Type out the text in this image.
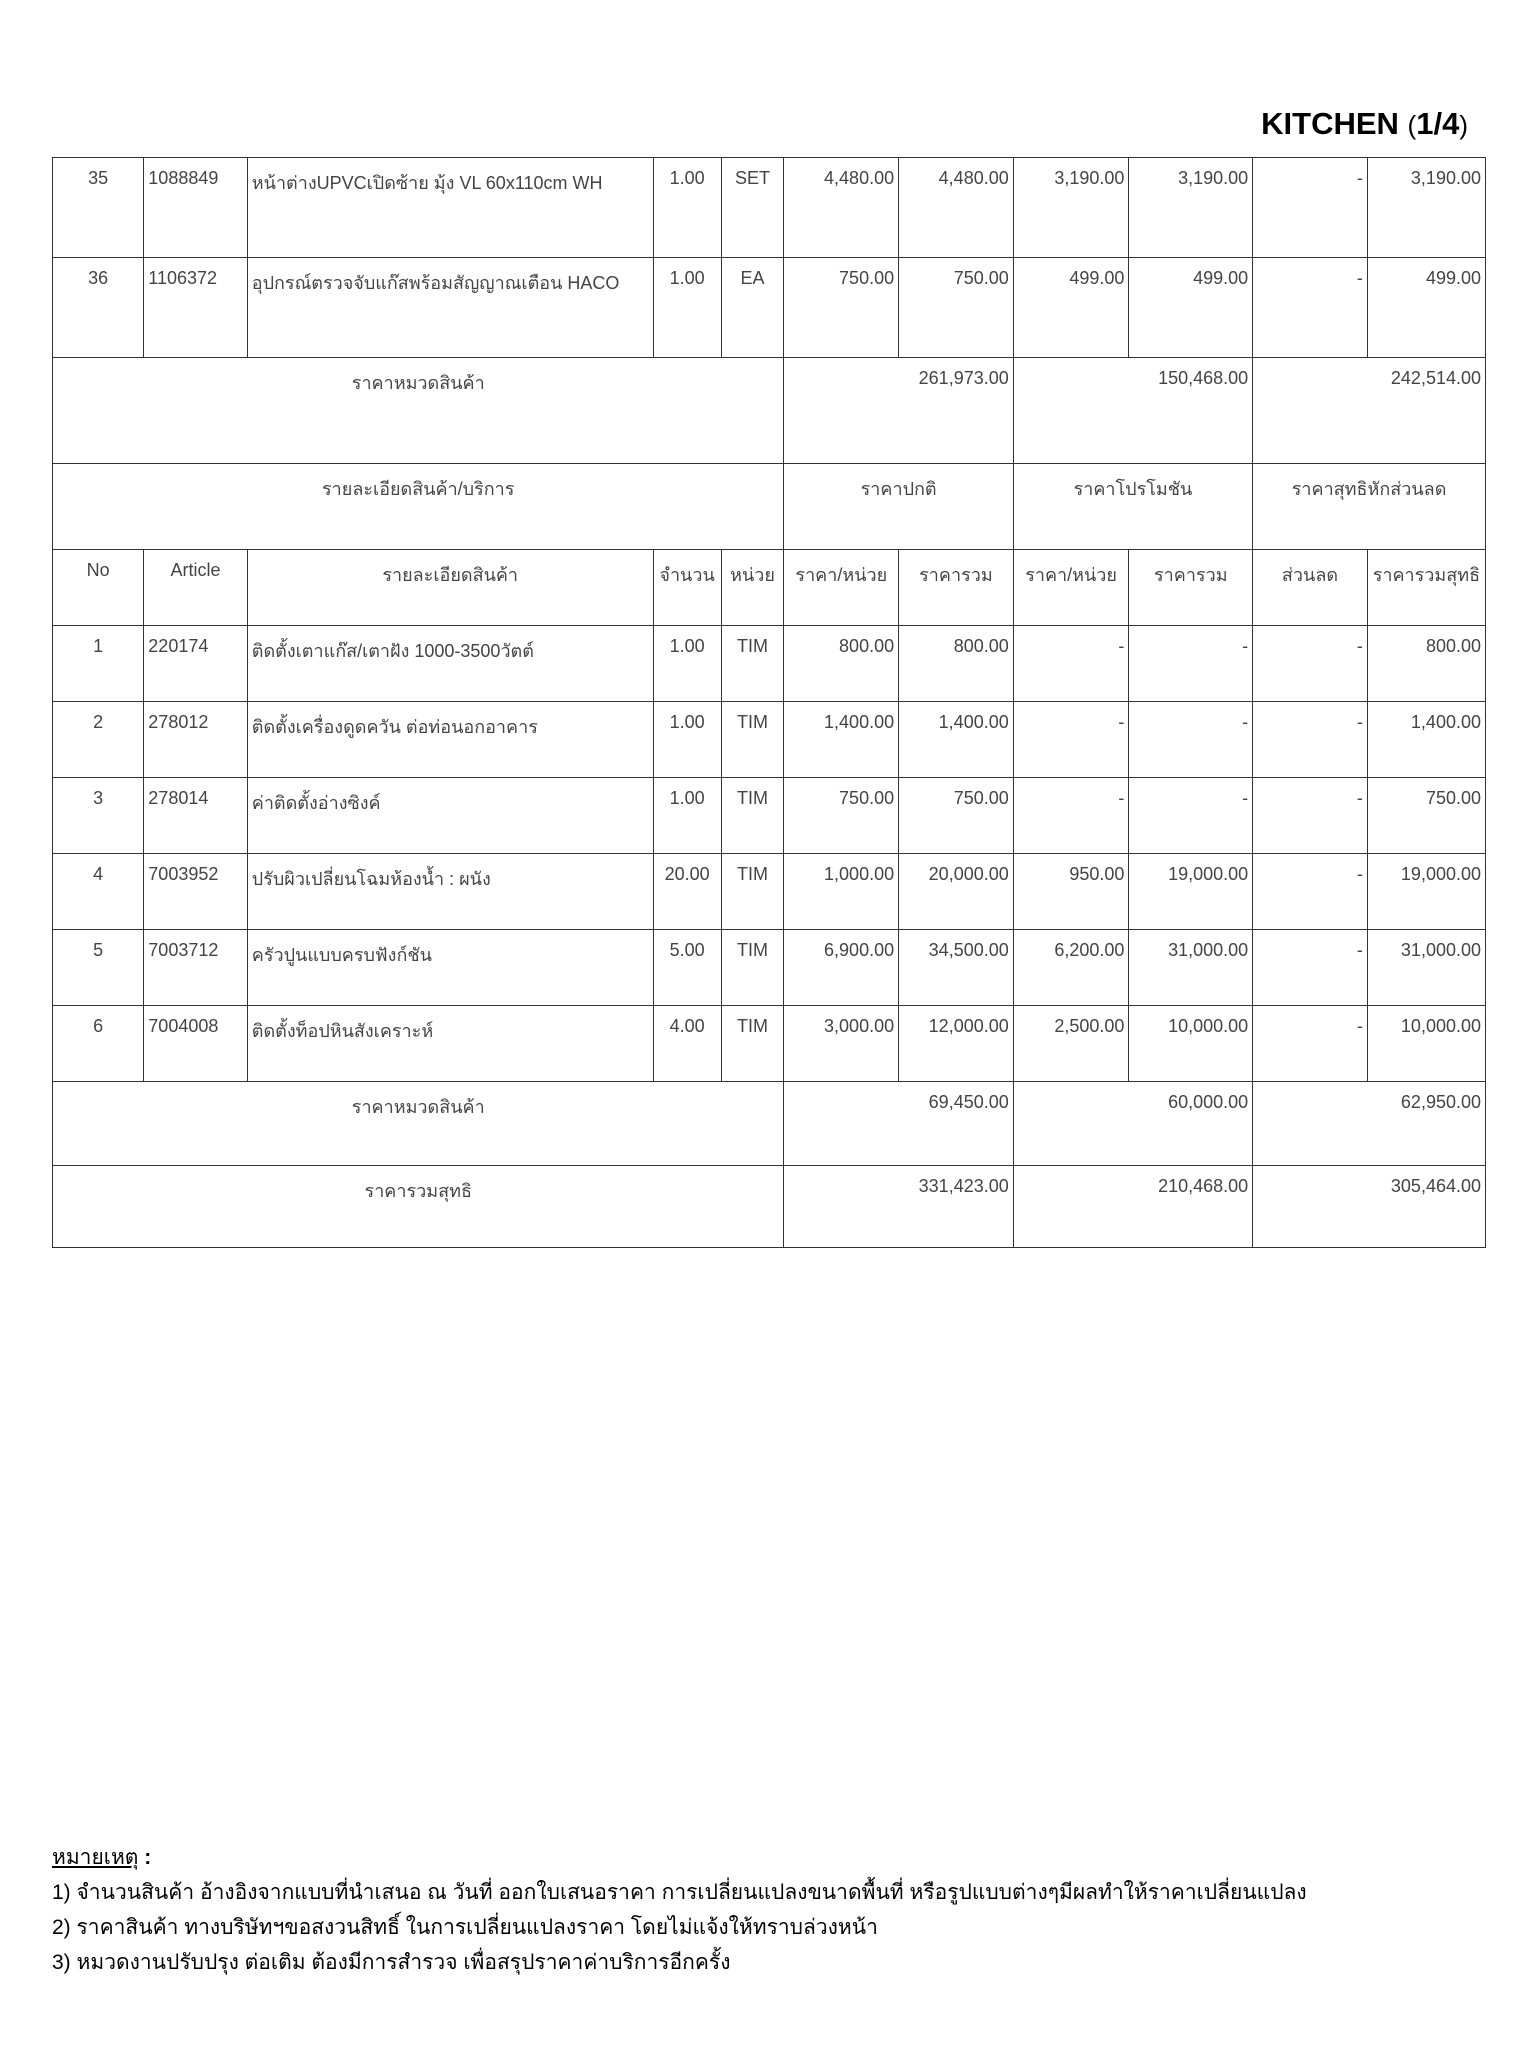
KITCHEN (1/4)
35	1088849	หน้าต่างUPVCเปิดซ้าย มุ้ง VL 60x110cm WH	1.00	SET	4,480.00	4,480.00	3,190.00	3,190.00	-	3,190.00
36	1106372	อุปกรณ์ตรวจจับแก๊สพร้อมสัญญาณเตือน HACO	1.00	EA	750.00	750.00	499.00	499.00	-	499.00
ราคาหมวดสินค้า					261,973.00		150,468.00		242,514.00	
รายละเอียดสินค้า/บริการ					ราคาปกติ		ราคาโปรโมชัน		ราคาสุทธิหักส่วนลด	
No	Article	รายละเอียดสินค้า	จำนวน	หน่วย	ราคา/หน่วย	ราคารวม	ราคา/หน่วย	ราคารวม	ส่วนลด	ราคารวมสุทธิ
1	220174	ติดตั้งเตาแก๊ส/เตาฝัง 1000-3500วัตต์	1.00	TIM	800.00	800.00	-	-	-	800.00
2	278012	ติดตั้งเครื่องดูดควัน ต่อท่อนอกอาคาร	1.00	TIM	1,400.00	1,400.00	-	-	-	1,400.00
3	278014	ค่าติดตั้งอ่างซิงค์	1.00	TIM	750.00	750.00	-	-	-	750.00
4	7003952	ปรับผิวเปลี่ยนโฉมห้องน้ำ : ผนัง	20.00	TIM	1,000.00	20,000.00	950.00	19,000.00	-	19,000.00
5	7003712	ครัวปูนแบบครบฟังก์ชัน	5.00	TIM	6,900.00	34,500.00	6,200.00	31,000.00	-	31,000.00
6	7004008	ติดตั้งท็อปหินสังเคราะห์	4.00	TIM	3,000.00	12,000.00	2,500.00	10,000.00	-	10,000.00
ราคาหมวดสินค้า					69,450.00		60,000.00		62,950.00	
ราคารวมสุทธิ					331,423.00		210,468.00		305,464.00	
หมายเหตุ :
1) จำนวนสินค้า อ้างอิงจากแบบที่นำเสนอ ณ วันที่ ออกใบเสนอราคา การเปลี่ยนแปลงขนาดพื้นที่ หรือรูปแบบต่างๆมีผลทำให้ราคาเปลี่ยนแปลง
2) ราคาสินค้า ทางบริษัทฯขอสงวนสิทธิ์ ในการเปลี่ยนแปลงราคา โดยไม่แจ้งให้ทราบล่วงหน้า
3) หมวดงานปรับปรุง ต่อเติม ต้องมีการสำรวจ เพื่อสรุปราคาค่าบริการอีกครั้ง
